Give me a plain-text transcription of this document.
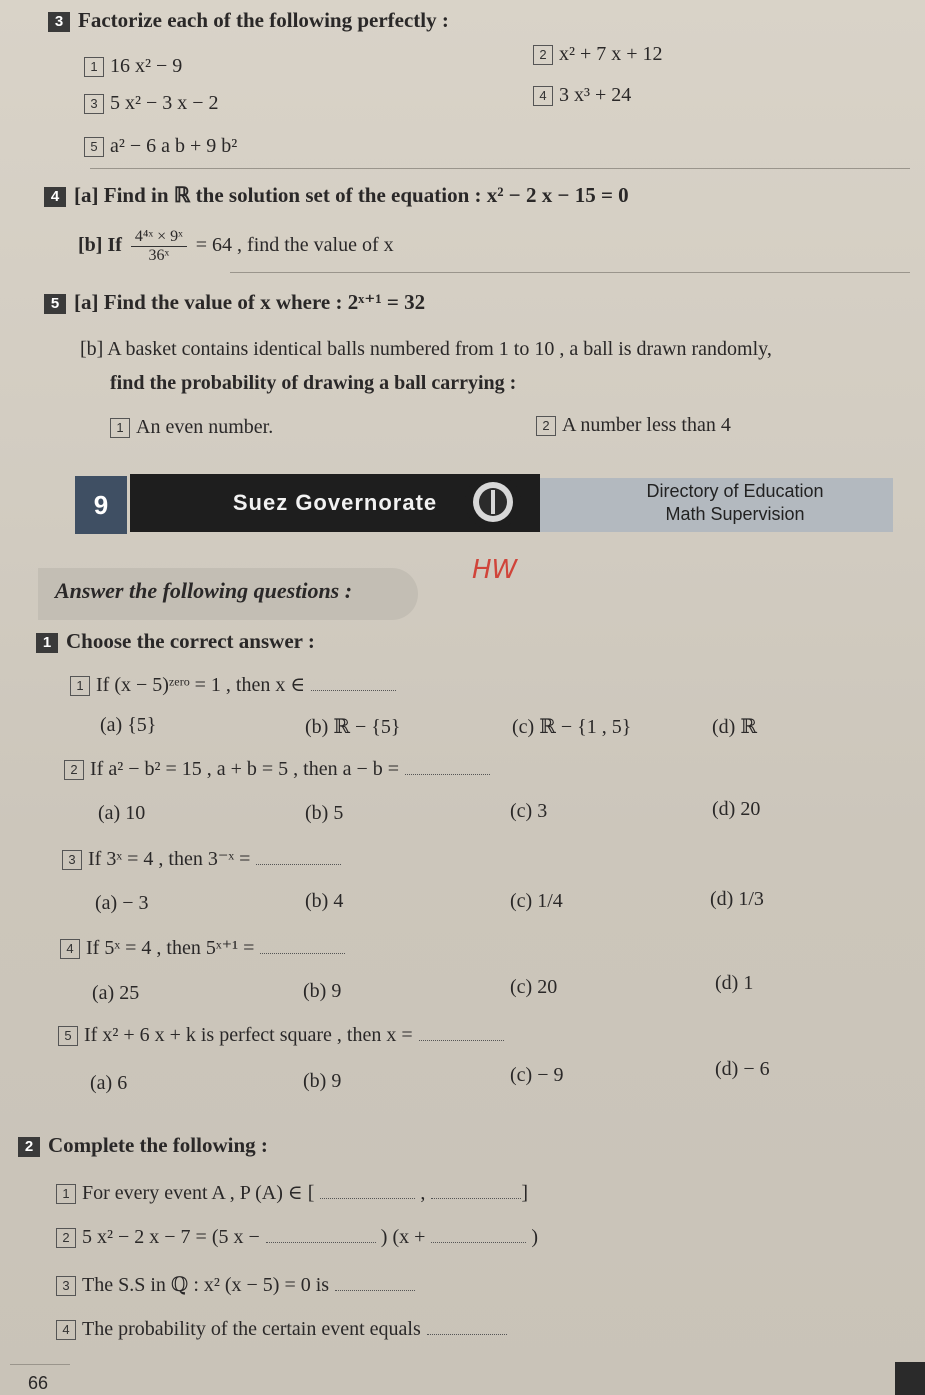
3 Factorize each of the following perfectly :
1 16 x² − 9
2 x² + 7 x + 12
3 5 x² − 3 x − 2	4 3 x³ + 24
5 a² − 6 a b + 9 b²
4 [a] Find in ℝ the solution set of the equation : x² − 2 x − 15 = 0
[b] If $\frac{\text{4⁴ˣ × 9ˣ}}{\text{36ˣ}} = 64$ , find the value of x
5 [a] Find the value of x where : 2ˣ⁺¹ = 32
[b] A basket contains identical balls numbered from 1 to 10 , a ball is drawn randomly,
find the probability of drawing a ball carrying :
1 An even number.	2 A number less than 4
9	Suez Governorate	Directory of Education
Math Supervision
Answer the following questions :
HW
1 Choose the correct answer :
1 If (x − 5)ᶻᵉʳᵒ = 1 , then x ∈
(a) {5}	(b) ℝ − {5}	(c) ℝ − {1 , 5}	(d) ℝ
2 If a² − b² = 15 , a + b = 5 , then a − b =
(a) 10	(b) 5	(c) 3	(d) 20
3 If 3ˣ = 4 , then 3⁻ˣ =
(a) − 3	(b) 4	(c) 1/4	(d) 1/3
4 If 5ˣ = 4 , then 5ˣ⁺¹ =
(a) 25	(b) 9	(c) 20	(d) 1
5 If x² + 6 x + k is perfect square , then x =
(a) 6	(b) 9	(c) − 9	(d) − 6
2 Complete the following :
1 For every event A , P (A) ∈ [	,	]
2 5 x² − 2 x − 7 = (5 x −	) (x +	)
3 The S.S in ℚ : x² (x − 5) = 0 is
4 The probability of the certain event equals
66
